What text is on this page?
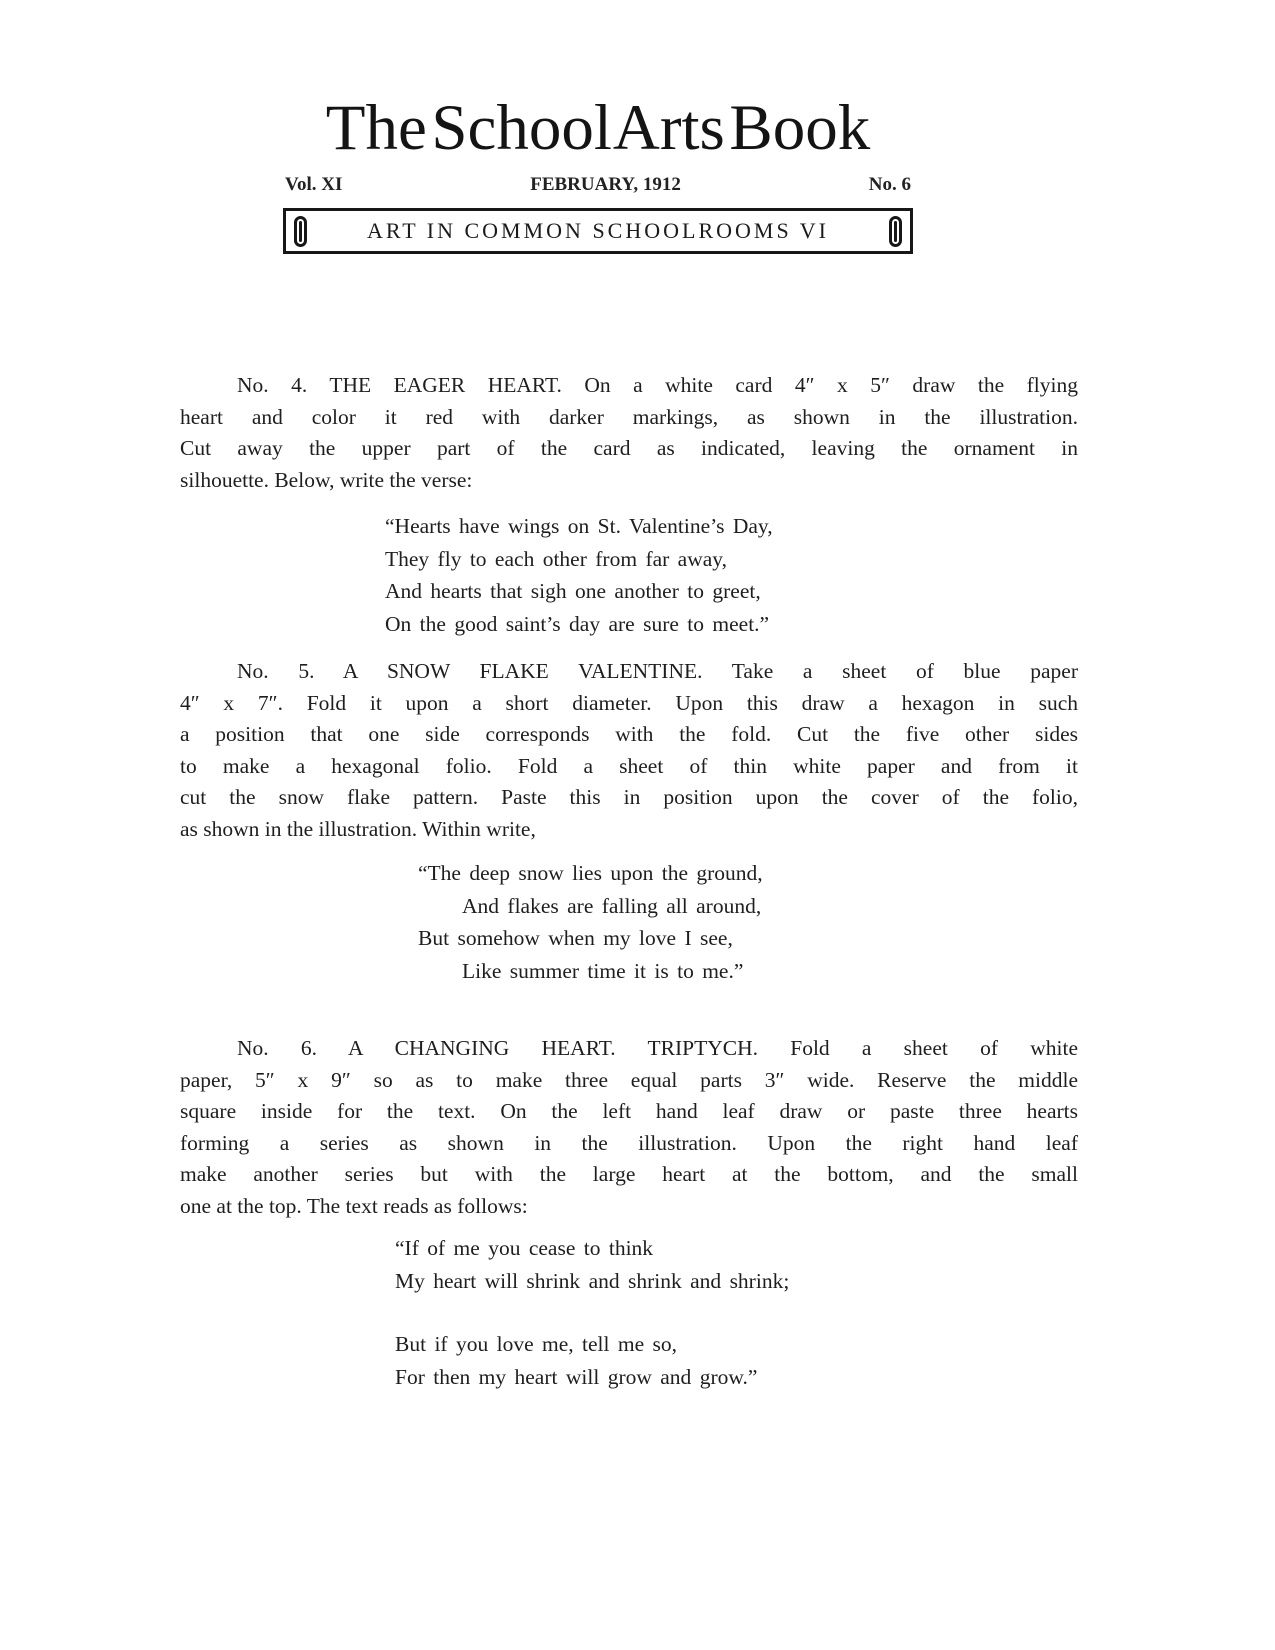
The School Arts Book
Vol. XI	FEBRUARY, 1912	No. 6
ART IN COMMON SCHOOLROOMS VI
No. 4. THE EAGER HEART. On a white card 4″ x 5″ draw the flying
heart and color it red with darker markings, as shown in the illustration.
Cut away the upper part of the card as indicated, leaving the ornament in
silhouette. Below, write the verse:
“Hearts have wings on St. Valentine’s Day,
They fly to each other from far away,
And hearts that sigh one another to greet,
On the good saint’s day are sure to meet.”
No. 5. A SNOW FLAKE VALENTINE. Take a sheet of blue paper
4″ x 7″. Fold it upon a short diameter. Upon this draw a hexagon in such
a position that one side corresponds with the fold. Cut the five other sides
to make a hexagonal folio. Fold a sheet of thin white paper and from it
cut the snow flake pattern. Paste this in position upon the cover of the folio,
as shown in the illustration. Within write,
“The deep snow lies upon the ground,
And flakes are falling all around,
But somehow when my love I see,
Like summer time it is to me.”
No. 6. A CHANGING HEART. TRIPTYCH. Fold a sheet of white
paper, 5″ x 9″ so as to make three equal parts 3″ wide. Reserve the middle
square inside for the text. On the left hand leaf draw or paste three hearts
forming a series as shown in the illustration. Upon the right hand leaf
make another series but with the large heart at the bottom, and the small
one at the top. The text reads as follows:
“If of me you cease to think
My heart will shrink and shrink and shrink;
But if you love me, tell me so,
For then my heart will grow and grow.”
